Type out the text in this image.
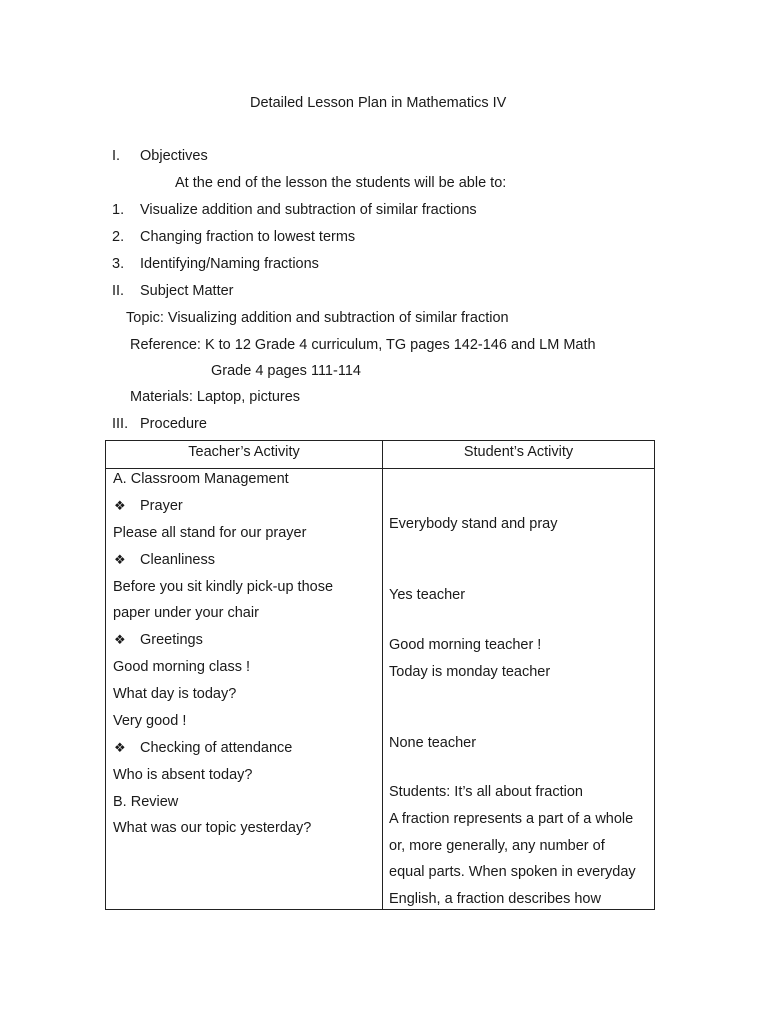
Detailed Lesson Plan in Mathematics IV
I. Objectives
At the end of the lesson the students will be able to:
1. Visualize addition and subtraction of similar fractions
2. Changing fraction to lowest terms
3. Identifying/Naming fractions
II. Subject Matter
Topic: Visualizing addition and subtraction of similar fraction
Reference: K to 12 Grade 4 curriculum, TG pages 142-146 and LM Math
Grade 4 pages 111-114
Materials: Laptop, pictures
III. Procedure
Teacher’s Activity	Student’s Activity
A. Classroom Management
❖ Prayer
Please all stand for our prayer
❖ Cleanliness
Before you sit kindly pick-up those
paper under your chair
❖ Greetings
Good morning class !
What day is today?
Very good !
❖ Checking of attendance
Who is absent today?
B. Review
What was our topic yesterday?
Everybody stand and pray
Yes teacher
Good morning teacher !
Today is monday teacher
None teacher
Students: It’s all about fraction
A fraction represents a part of a whole
or, more generally, any number of
equal parts. When spoken in everyday
English, a fraction describes how
